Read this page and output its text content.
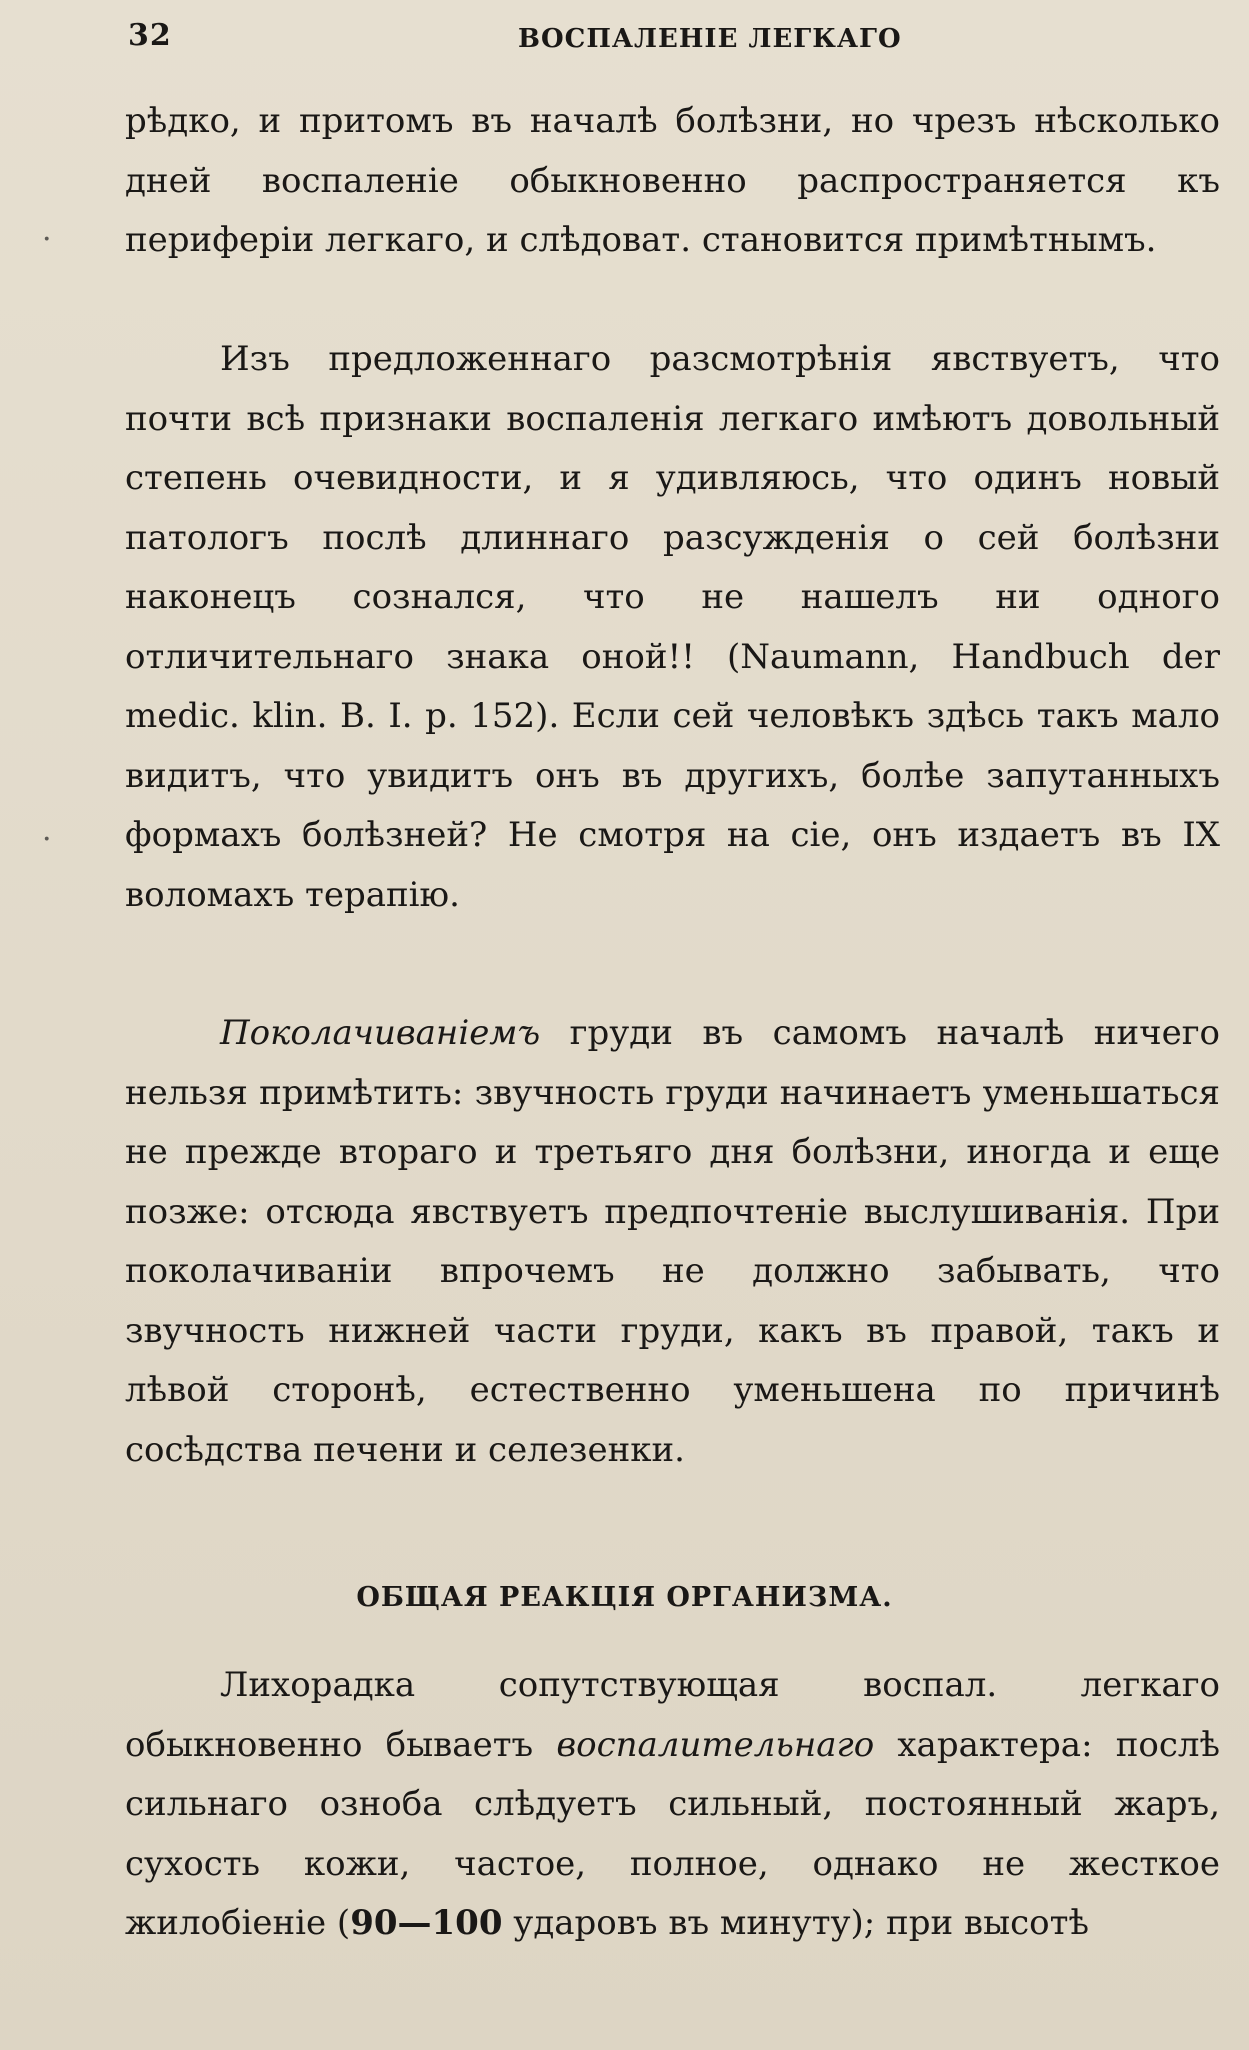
32	ВОСПАЛЕНІЕ ЛЕГКАГО
·
·

рѣдко, и притомъ въ началѣ болѣзни, но чрезъ нѣсколько дней воспаленіе обыкновенно распространяется къ периферіи легкаго, и слѣдоват. становится примѣтнымъ.

Изъ предложеннаго разсмотрѣнія явствуетъ, что почти всѣ признаки воспаленія легкаго имѣютъ довольный степень очевидности, и я удивляюсь, что одинъ новый патологъ послѣ длиннаго разсужденія о сей болѣзни наконецъ сознался, что не нашелъ ни одного отличительнаго знака оной!! (Naumann, Handbuch der medic. klin. B. I. p. 152). Если сей человѣкъ здѣсь такъ мало видитъ, что увидитъ онъ въ другихъ, болѣе запутанныхъ формахъ болѣзней? Не смотря на сіе, онъ издаетъ въ IX воломахъ терапію.

Поколачиваніемъ груди въ самомъ началѣ ничего нельзя примѣтить: звучность груди начинаетъ уменьшаться не прежде втораго и третьяго дня болѣзни, иногда и еще позже: отсюда явствуетъ предпочтеніе выслушиванія. При поколачиваніи впрочемъ не должно забывать, что звучность нижней части груди, какъ въ правой, такъ и лѣвой сторонѣ, естественно уменьшена по причинѣ сосѣдства печени и селезенки.

ОБЩАЯ РЕАКЦІЯ ОРГАНИЗМА.

Лихорадка сопутствующая воспал. легкаго обыкновенно бываетъ воспалительнаго характера: послѣ сильнаго озноба слѣдуетъ сильный, постоянный жаръ, сухость кожи, частое, полное, однако не жесткое жилобіеніе (90—100 ударовъ въ минуту); при высотѣ
